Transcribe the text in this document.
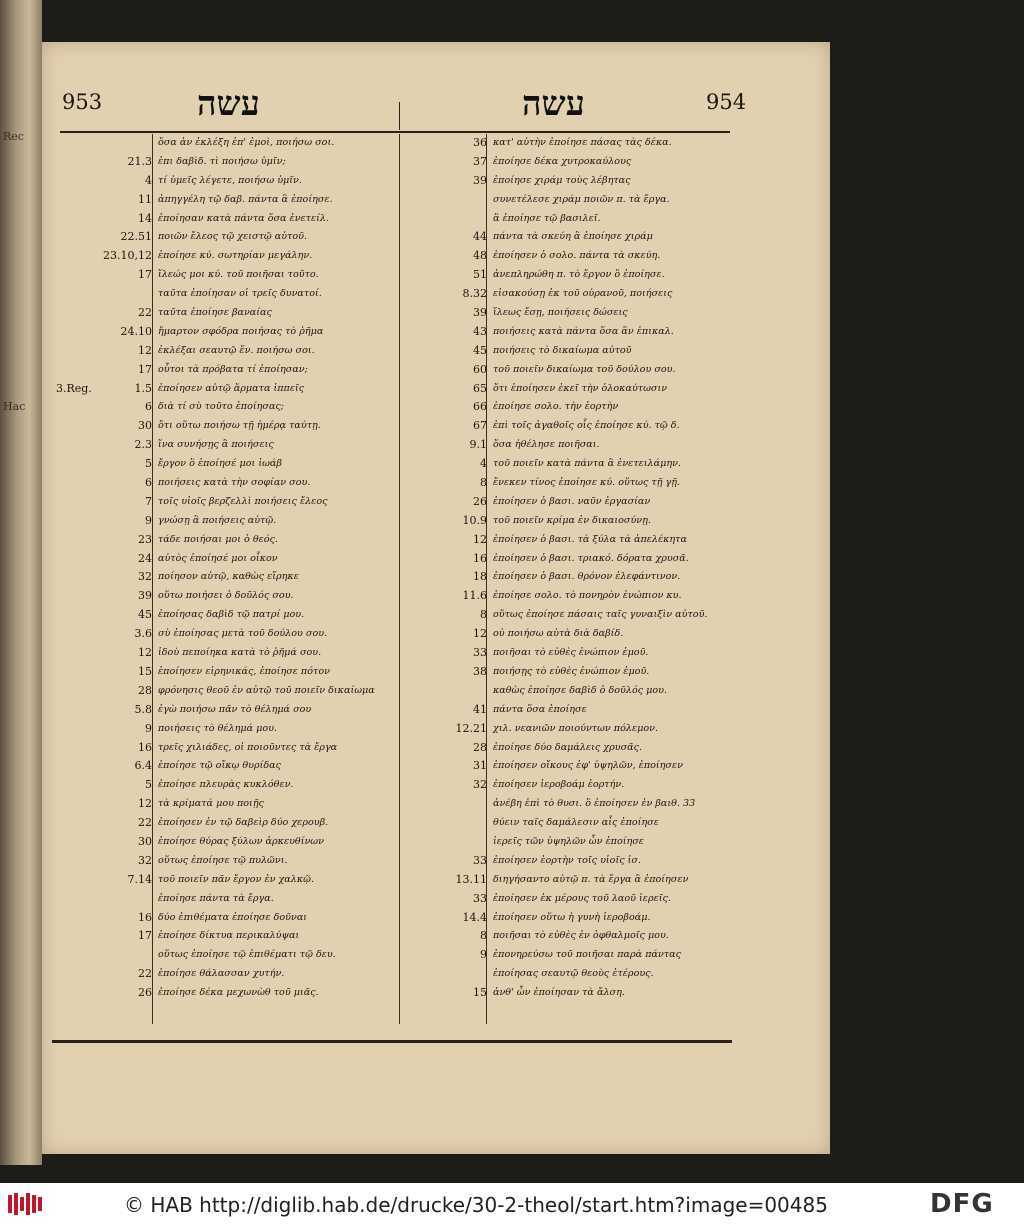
Rec
Hac
953	עשה	עשה	954
ὅσα ἀν ἐκλέξη ἐπ' ἐμοὶ, ποιήσω σοι.
21.3 ἐπι δαβὶδ. τὶ ποιήσω ὑμῖν;
4 τί ὑμεῖς λέγετε, ποιήσω ὑμῖν.
11 ἀπηγγέλη τῷ δαβ. πάντα ἃ ἐποίησε.
14 ἐποίησαν κατὰ πάντα ὅσα ἐνετείλ.
22.51 ποιῶν ἔλεος τῷ χειστῷ αὐτοῦ.
23.10,12 ἐποίησε κύ. σωτηρίαν μεγάλην.
17 ἵλεώς μοι κύ. τοῦ ποιῆσαι τοῦτο.
ταῦτα ἐποίησαν οἱ τρεῖς δυνατοί.
22 ταῦτα ἐποίησε βαναίας
24.10 ἥμαρτον σφόδρα ποιήσας τὸ ῥῆμα
12 ἐκλέξαι σεαυτῷ ἕν. ποιήσω σοι.
17 οὗτοι τὰ πρόβατα τί ἐποίησαν;
3.Reg.	1.5 ἐποίησεν αὐτῷ ἅρματα ἱππεῖς
6 διὰ τί σὺ τοῦτο ἐποίησας;
30 ὅτι οὕτω ποιήσω τῇ ἡμέρᾳ ταύτῃ.
2.3 ἵνα συνήσῃς ἃ ποιήσεις
5 ἔργον ὃ ἐποίησέ μοι ἰωάβ
6 ποιήσεις κατὰ τὴν σοφίαν σου.
7 τοῖς υἱοῖς βερζελλὶ ποιήσεις ἔλεος
9 γνώσῃ ἃ ποιήσεις αὐτῷ.
23 τάδε ποιήσαι μοι ὁ θεός.
24 αὐτὸς ἐποίησέ μοι οἶκον
32 ποίησον αὐτῷ, καθὼς εἴρηκε
39 οὕτω ποιήσει ὁ δοῦλός σου.
45 ἐποίησας δαβὶδ τῷ πατρί μου.
3.6 σὺ ἐποίησας μετὰ τοῦ δούλου σου.
12 ἰδοὺ πεποίηκα κατὰ τὸ ῥῆμά σου.
15 ἐποίησεν εἰρηνικάς, ἐποίησε πότον
28 φρόνησις θεοῦ ἐν αὐτῷ τοῦ ποιεῖν δικαίωμα
5.8 ἐγὼ ποιήσω πᾶν τὸ θέλημά σου
9 ποιήσεις τὸ θέλημά μου.
16 τρεῖς χιλιάδες, οἱ ποιοῦντες τὰ ἔργα
6.4 ἐποίησε τῷ οἴκῳ θυρίδας
5 ἐποίησε πλευρὰς κυκλόθεν.
12 τὰ κρίματά μου ποιῇς
22 ἐποίησεν ἐν τῷ δαβεὶρ δύο χερουβ.
30 ἐποίησε θύρας ξύλων ἀρκευθίνων
32 οὕτως ἐποίησε τῷ πυλῶνι.
7.14 τοῦ ποιεῖν πᾶν ἔργον ἐν χαλκῷ.
ἐποίησε πάντα τὰ ἔργα.
16 δύο ἐπιθέματα ἐποίησε δοῦναι
17 ἐποίησε δίκτυα περικαλύψαι
οὕτως ἐποίησε τῷ ἐπιθέματι τῷ δευ.
22 ἐποίησε θάλασσαν χυτήν.
26 ἐποίησε δέκα μεχωνὼθ τοῦ μιᾶς.
36 κατ' αὐτὴν ἐποίησε πάσας τὰς δέκα.
37 ἐποίησε δέκα χυτροκαύλους
39 ἐποίησε χιράμ τοὺς λέβητας
συνετέλεσε χιράμ ποιῶν π. τὰ ἔργα.
ἃ ἐποίησε τῷ βασιλεῖ.
44 πάντα τὰ σκεύη ἃ ἐποίησε χιράμ
48 ἐποίησεν ὁ σολο. πάντα τὰ σκεύη.
51 ἀνεπληρώθη π. τὸ ἔργον ὃ ἐποίησε.
8.32 εἰσακούσῃ ἐκ τοῦ οὐρανοῦ, ποιήσεις
39 ἵλεως ἔσῃ, ποιήσεις δώσεις
43 ποιήσεις κατὰ πάντα ὅσα ἂν ἐπικαλ.
45 ποιήσεις τὸ δικαίωμα αὐτοῦ
60 τοῦ ποιεῖν δικαίωμα τοῦ δούλου σου.
65 ὅτι ἐποίησεν ἐκεῖ τὴν ὁλοκαύτωσιν
66 ἐποίησε σολο. τὴν ἑορτὴν
67 ἐπὶ τοῖς ἀγαθοῖς οἷς ἐποίησε κύ. τῷ δ.
9.1 ὅσα ἠθέλησε ποιῆσαι.
4 τοῦ ποιεῖν κατὰ πάντα ἃ ἐνετειλάμην.
8 ἕνεκεν τίνος ἐποίησε κύ. οὕτως τῇ γῇ.
26 ἐποίησεν ὁ βασι. ναῦν ἐργασίαν
10.9 τοῦ ποιεῖν κρίμα ἐν δικαιοσύνῃ.
12 ἐποίησεν ὁ βασι. τὰ ξύλα τὰ ἀπελέκητα
16 ἐποίησεν ὁ βασι. τριακό. δόρατα χρυσᾶ.
18 ἐποίησεν ὁ βασι. θρόνον ἐλεφάντινον.
11.6 ἐποίησε σολο. τὸ πονηρὸν ἐνώπιον κυ.
8 οὕτως ἐποίησε πάσαις ταῖς γυναιξὶν αὐτοῦ.
12 οὐ ποιήσω αὐτὰ διὰ δαβίδ.
33 ποιῆσαι τὸ εὐθὲς ἐνώπιον ἐμοῦ.
38 ποιήσῃς τὸ εὐθὲς ἐνώπιον ἐμοῦ.
καθὼς ἐποίησε δαβὶδ ὁ δοῦλός μου.
41 πάντα ὅσα ἐποίησε
12.21 χιλ. νεανιῶν ποιούντων πόλεμον.
28 ἐποίησε δύο δαμάλεις χρυσᾶς.
31 ἐποίησεν οἴκους ἐφ' ὑψηλῶν, ἐποίησεν
32 ἐποίησεν ἱεροβοάμ ἑορτήν.
ἀνέβη ἐπὶ τὸ θυσι. ὃ ἐποίησεν ἐν βαιθ. 33
θύειν ταῖς δαμάλεσιν αἷς ἐποίησε
ἱερεῖς τῶν ὑψηλῶν ὧν ἐποίησε
33 ἐποίησεν ἑορτὴν τοῖς υἱοῖς ἰσ.
13.11 διηγήσαντο αὐτῷ π. τὰ ἔργα ἃ ἐποίησεν
33 ἐποίησεν ἐκ μέρους τοῦ λαοῦ ἱερεῖς.
14.4 ἐποίησεν οὕτω ἡ γυνὴ ἱεροβοάμ.
8 ποιῆσαι τὸ εὐθὲς ἐν ὀφθαλμοῖς μου.
9 ἐπονηρεύσω τοῦ ποιῆσαι παρὰ πάντας
ἐποίησας σεαυτῷ θεοὺς ἑτέρους.
15 ἀνθ' ὧν ἐποίησαν τὰ ἄλση.
© HAB http://diglib.hab.de/drucke/30-2-theol/start.htm?image=00485	DFG
